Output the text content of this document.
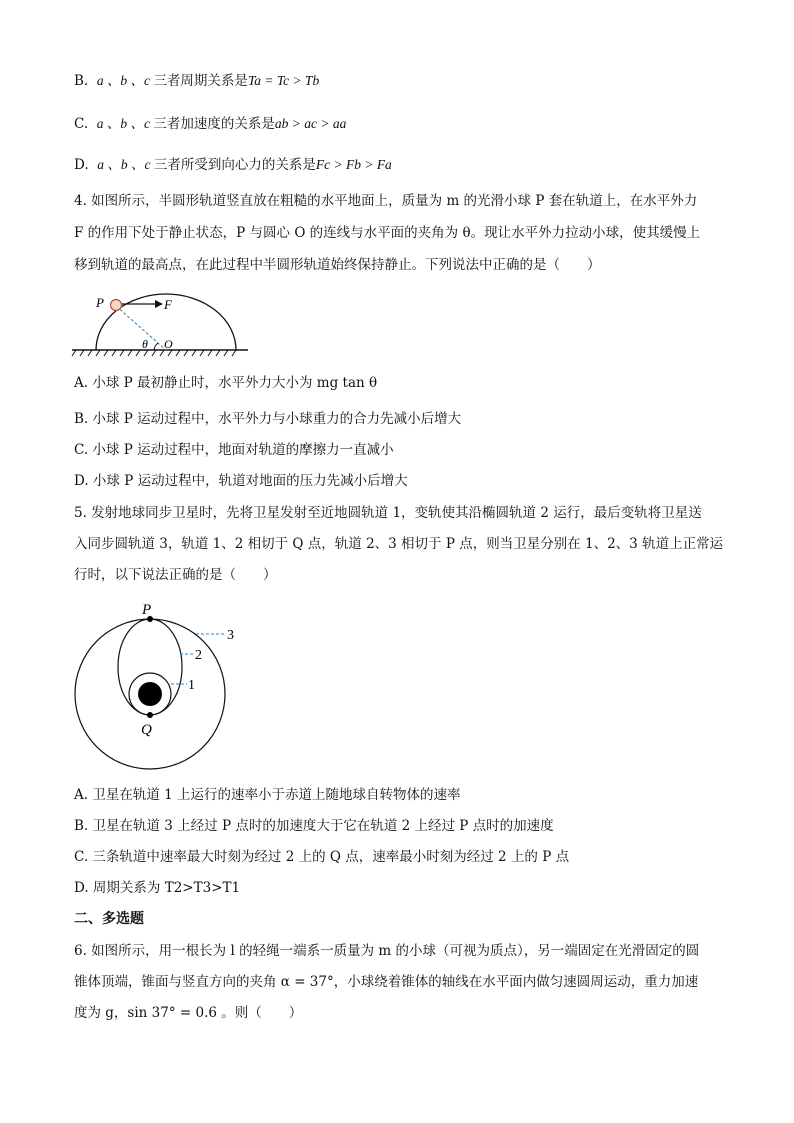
B. a 、b 、c 三者周期关系是Ta = Tc > Tb
C. a 、b 、c 三者加速度的关系是ab > ac > aa
D. a 、b 、c 三者所受到向心力的关系是Fc > Fb > Fa
4. 如图所示，半圆形轨道竖直放在粗糙的水平地面上，质量为 m 的光滑小球 P 套在轨道上，在水平外力
F 的作用下处于静止状态，P 与圆心 O 的连线与水平面的夹角为 θ。现让水平外力拉动小球，使其缓慢上
移到轨道的最高点，在此过程中半圆形轨道始终保持静止。下列说法中正确的是（　　）
P	F
θ O
A. 小球 P 最初静止时，水平外力大小为 mg tan θ
B. 小球 P 运动过程中，水平外力与小球重力的合力先减小后增大
C. 小球 P 运动过程中，地面对轨道的摩擦力一直减小
D. 小球 P 运动过程中，轨道对地面的压力先减小后增大
5. 发射地球同步卫星时，先将卫星发射至近地圆轨道 1，变轨使其沿椭圆轨道 2 运行，最后变轨将卫星送
入同步圆轨道 3，轨道 1、2 相切于 Q 点，轨道 2、3 相切于 P 点，则当卫星分别在 1、2、3 轨道上正常运
行时，以下说法正确的是（　　）
P
Q
3
2
1
A. 卫星在轨道 1 上运行的速率小于赤道上随地球自转物体的速率
B. 卫星在轨道 3 上经过 P 点时的加速度大于它在轨道 2 上经过 P 点时的加速度
C. 三条轨道中速率最大时刻为经过 2 上的 Q 点，速率最小时刻为经过 2 上的 P 点
D. 周期关系为 T2>T3>T1
二、多选题
6. 如图所示，用一根长为 l 的轻绳一端系一质量为 m 的小球（可视为质点），另一端固定在光滑固定的圆
锥体顶端，锥面与竖直方向的夹角 α = 37°，小球绕着锥体的轴线在水平面内做匀速圆周运动，重力加速
度为 g，sin 37° = 0.6 。则（　　）
